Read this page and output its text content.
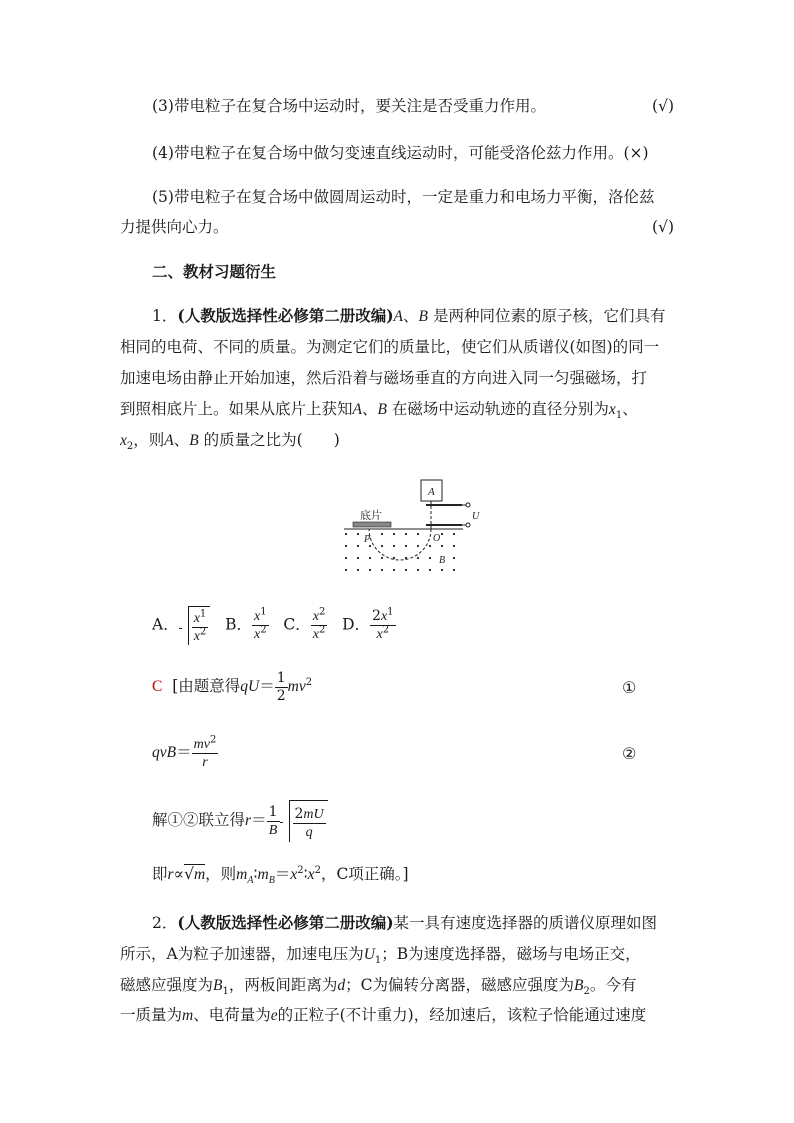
(3)带电粒子在复合场中运动时，要关注是否受重力作用。	(√)
(4)带电粒子在复合场中做匀变速直线运动时，可能受洛伦兹力作用。(×)
(5)带电粒子在复合场中做圆周运动时，一定是重力和电场力平衡，洛伦兹
力提供向心力。	(√)
二、教材习题衍生
1．(人教版选择性必修第二册改编)A、B 是两种同位素的原子核，它们具有
相同的电荷、不同的质量。为测定它们的质量比，使它们从质谱仪(如图)的同一
加速电场由静止开始加速，然后沿着与磁场垂直的方向进入同一匀强磁场，打
到照相底片上。如果从底片上获知A、B 在磁场中运动轨迹的直径分别为$x_1$、
$x_2$，则A、B 的质量之比为(　　)
A
U
底片
P	O
B
A． $\frac{x^1}{x^2}$ B． $\frac{x^1}{x^2}$ C． $\frac{x^2}{x^2}$ D． $\frac{2x^1}{x^2}$
C [由题意得$qU= \frac{1}{2} mv^2$	①
$qvB= \frac{mv^2}{r}$	②
解①②联立得$r= \frac{1}{B} \frac{2mU}{q}$
即r∝√m，则$m_A∶m_B=x^2∶x^2$，C项正确。]
2．(人教版选择性必修第二册改编)某一具有速度选择器的质谱仪原理如图
所示，A为粒子加速器，加速电压为$U_1$；B为速度选择器，磁场与电场正交，
磁感应强度为$B_1$，两板间距离为d；C为偏转分离器，磁感应强度为$B_2$。今有
一质量为m、电荷量为e的正粒子(不计重力)，经加速后，该粒子恰能通过速度
